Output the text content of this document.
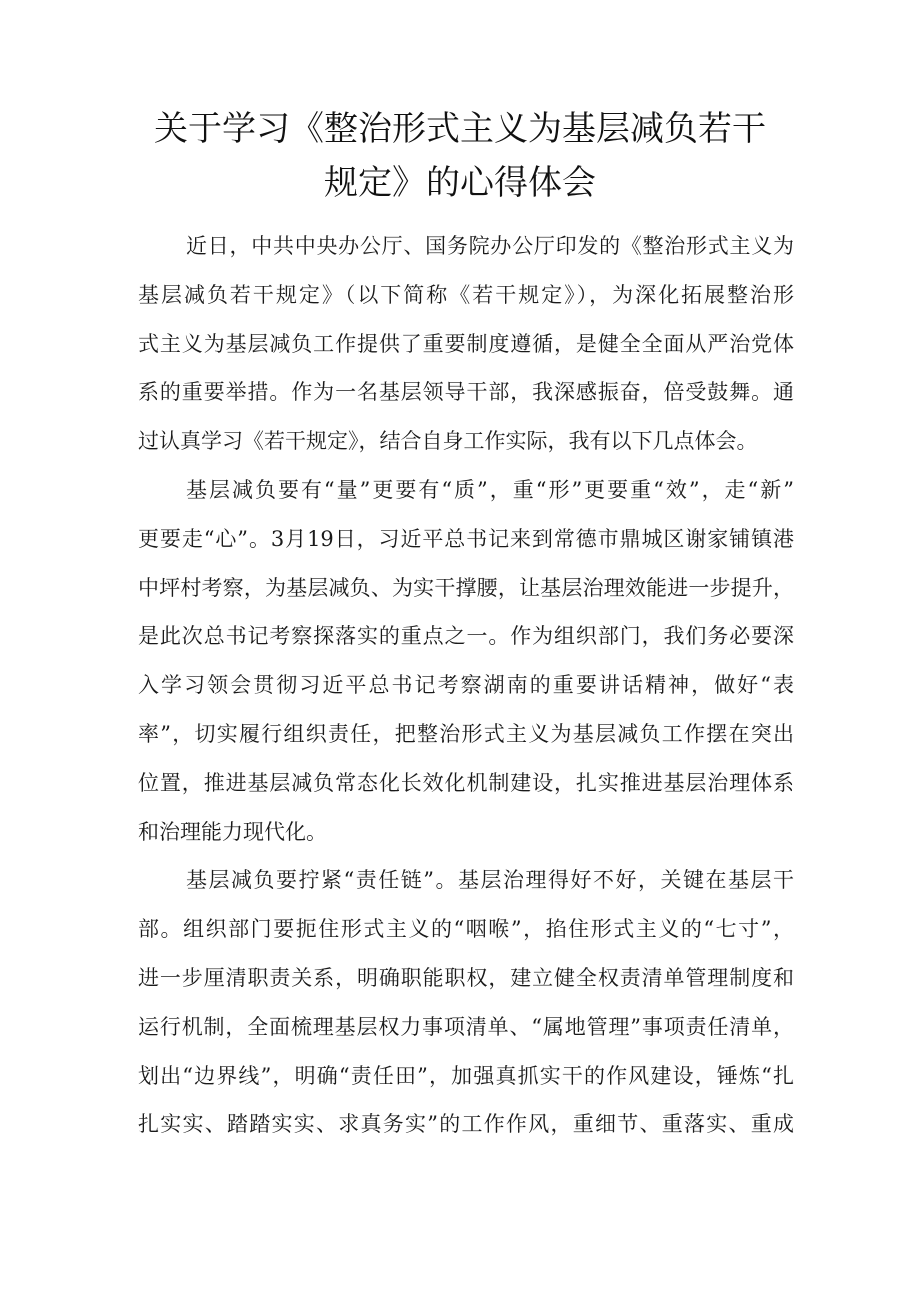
关于学习《整治形式主义为基层减负若干
规定》的心得体会

近日，中共中央办公厅、国务院办公厅印发的《整治形式主义为
基层减负若干规定》（以下简称《若干规定》），为深化拓展整治形
式主义为基层减负工作提供了重要制度遵循，是健全全面从严治党体
系的重要举措。作为一名基层领导干部，我深感振奋，倍受鼓舞。通
过认真学习《若干规定》，结合自身工作实际，我有以下几点体会。

基层减负要有“量”更要有“质”，重“形”更要重“效”，走“新”
更要走“心”。3月19日，习近平总书记来到常德市鼎城区谢家铺镇港
中坪村考察，为基层减负、为实干撑腰，让基层治理效能进一步提升，
是此次总书记考察探落实的重点之一。作为组织部门，我们务必要深
入学习领会贯彻习近平总书记考察湖南的重要讲话精神，做好“表
率”，切实履行组织责任，把整治形式主义为基层减负工作摆在突出
位置，推进基层减负常态化长效化机制建设，扎实推进基层治理体系
和治理能力现代化。

基层减负要拧紧“责任链”。基层治理得好不好，关键在基层干
部。组织部门要扼住形式主义的“咽喉”，掐住形式主义的“七寸”，
进一步厘清职责关系，明确职能职权，建立健全权责清单管理制度和
运行机制，全面梳理基层权力事项清单、“属地管理”事项责任清单，
划出“边界线”，明确“责任田”，加强真抓实干的作风建设，锤炼“扎
扎实实、踏踏实实、求真务实”的工作作风，重细节、重落实、重成
